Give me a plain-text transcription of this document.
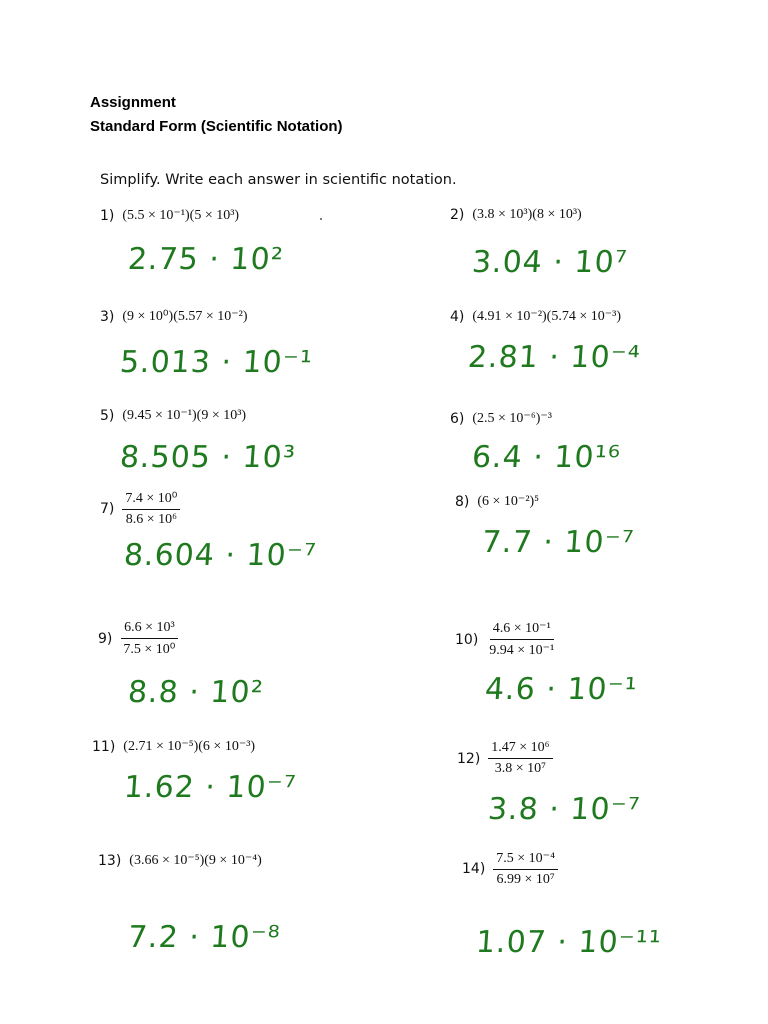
Assignment
Standard Form (Scientific Notation)
Simplify. Write each answer in scientific notation.
1) (5.5 × 10⁻¹)(5 × 10³)
2.75 · 10²
2) (3.8 × 10³)(8 × 10³)
3.04 · 10⁷
3) (9 × 10⁰)(5.57 × 10⁻²)
5.013 · 10⁻¹
4) (4.91 × 10⁻²)(5.74 × 10⁻³)
2.81 · 10⁻⁴
5) (9.45 × 10⁻¹)(9 × 10³)
8.505 · 10³
6) (2.5 × 10⁻⁶)⁻³
6.4 · 10¹⁶
$7) \frac{\text{7.4 × 10⁰}}{\text{8.6 × 10⁶}}$
8.604 · 10⁻⁷
8) (6 × 10⁻²)⁵
7.7 · 10⁻⁷
$9) \frac{\text{6.6 × 10³}}{\text{7.5 × 10⁰}}$
8.8 · 10²
$10) \frac{\text{4.6 × 10⁻¹}}{\text{9.94 × 10⁻¹}}$
4.6 · 10⁻¹
11) (2.71 × 10⁻⁵)(6 × 10⁻³)
1.62 · 10⁻⁷
$12) \frac{\text{1.47 × 10⁶}}{\text{3.8 × 10⁷}}$
3.8 · 10⁻⁷
13) (3.66 × 10⁻⁵)(9 × 10⁻⁴)
7.2 · 10⁻⁸
$14) \frac{\text{7.5 × 10⁻⁴}}{\text{6.99 × 10⁷}}$
1.07 · 10⁻¹¹
